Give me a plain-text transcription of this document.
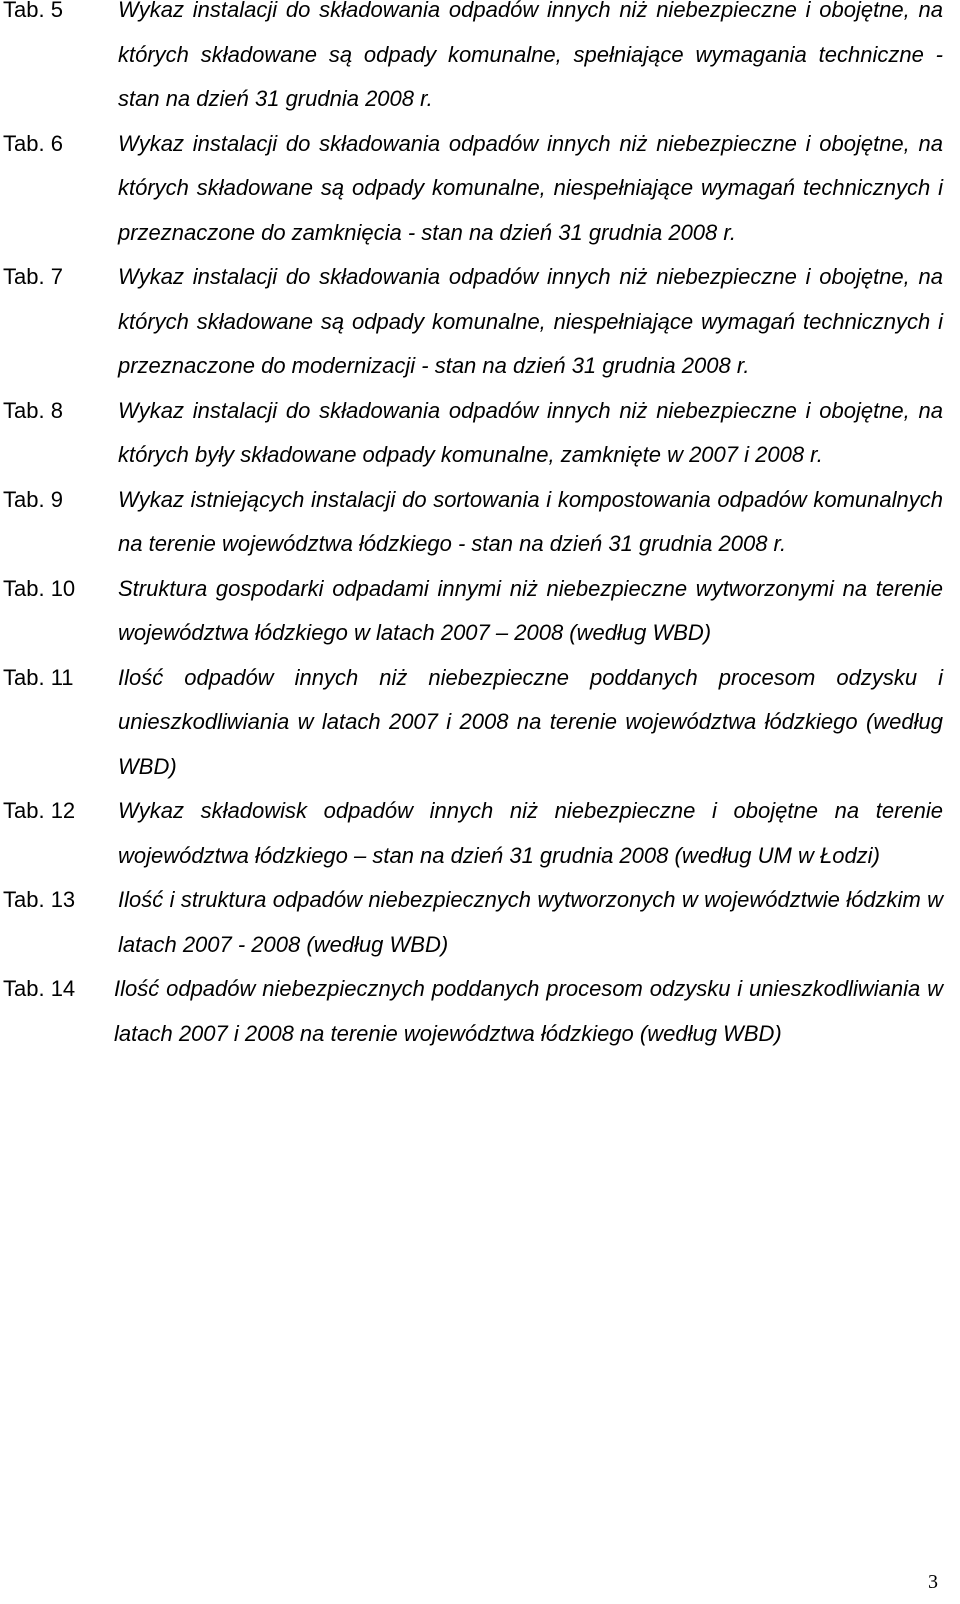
Tab. 5	Wykaz instalacji do składowania odpadów innych niż niebezpieczne i obojętne, na których składowane są odpady komunalne, spełniające wymagania techniczne - stan na dzień 31 grudnia 2008 r.
Tab. 6	Wykaz instalacji do składowania odpadów innych niż niebezpieczne i obojętne, na których składowane są odpady komunalne, niespełniające wymagań technicznych i przeznaczone do zamknięcia - stan na dzień 31 grudnia 2008 r.
Tab. 7	Wykaz instalacji do składowania odpadów innych niż niebezpieczne i obojętne, na których składowane są odpady komunalne, niespełniające wymagań technicznych i przeznaczone do modernizacji - stan na dzień 31 grudnia 2008 r.
Tab. 8	Wykaz instalacji do składowania odpadów innych niż niebezpieczne i obojętne, na których były składowane odpady komunalne, zamknięte w 2007 i 2008 r.
Tab. 9	Wykaz istniejących instalacji do sortowania i kompostowania odpadów komunalnych na terenie województwa łódzkiego - stan na dzień 31 grudnia 2008 r.
Tab. 10	Struktura gospodarki odpadami innymi niż niebezpieczne wytworzonymi na terenie województwa łódzkiego w latach 2007 – 2008 (według WBD)
Tab. 11	Ilość odpadów innych niż niebezpieczne poddanych procesom odzysku i unieszkodliwiania w latach 2007 i 2008 na terenie województwa łódzkiego (według WBD)
Tab. 12	Wykaz składowisk odpadów innych niż niebezpieczne i obojętne na terenie województwa łódzkiego – stan na dzień 31 grudnia 2008 (według UM w Łodzi)
Tab. 13	Ilość i struktura odpadów niebezpiecznych wytworzonych w województwie łódzkim w latach 2007 - 2008 (według WBD)
Tab. 14	Ilość odpadów niebezpiecznych poddanych procesom odzysku i unieszkodliwiania w latach 2007 i 2008 na terenie województwa łódzkiego (według WBD)
3
